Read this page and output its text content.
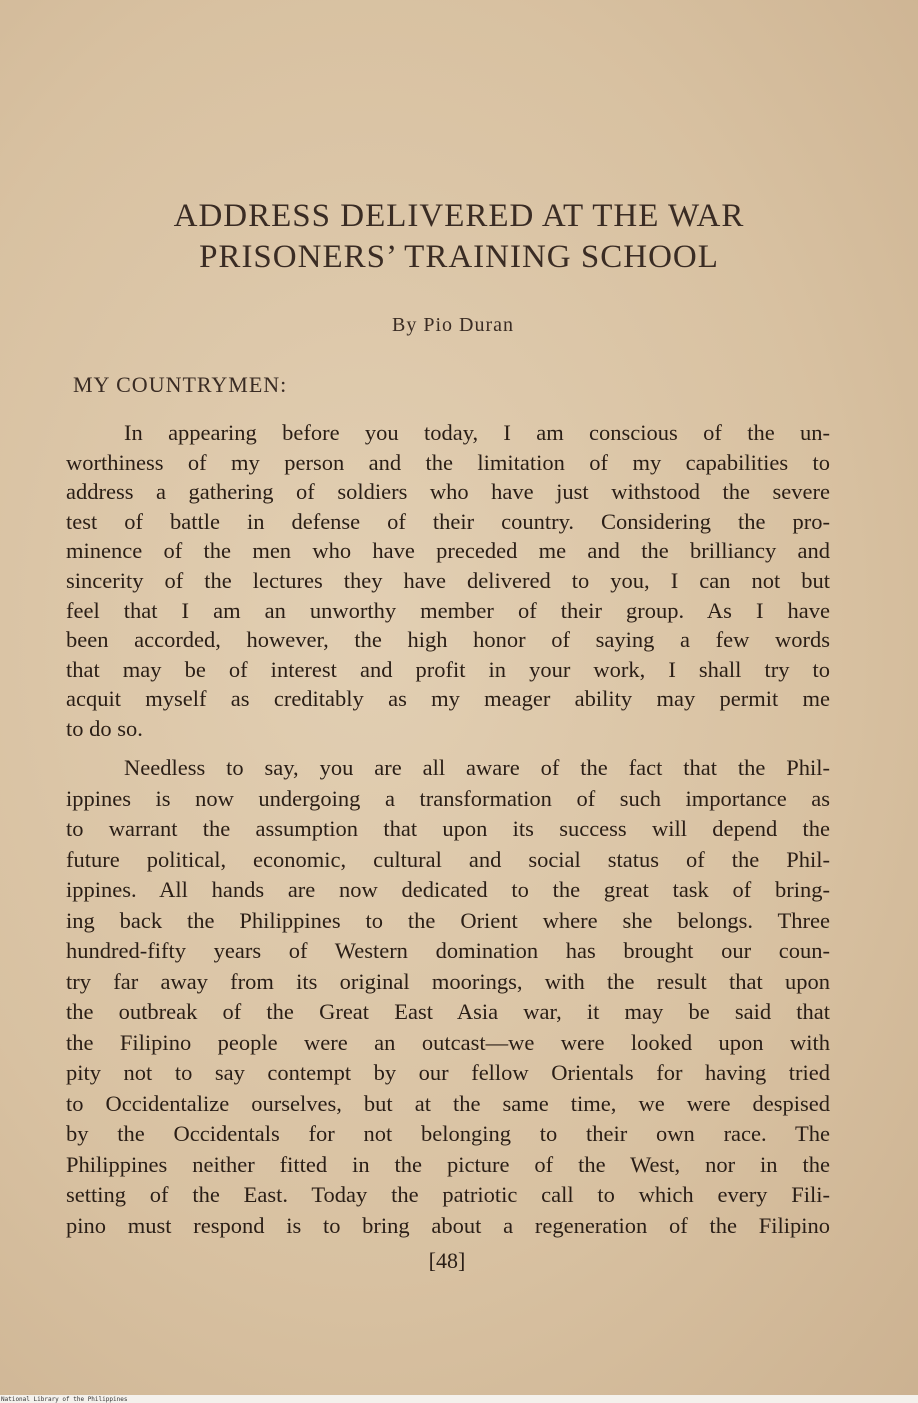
ADDRESS DELIVERED AT THE WAR
PRISONERS’ TRAINING SCHOOL
By Pio Duran
MY COUNTRYMEN:
In appearing before you today, I am conscious of the un-
worthiness of my person and the limitation of my capabilities to
address a gathering of soldiers who have just withstood the severe
test of battle in defense of their country. Considering the pro-
minence of the men who have preceded me and the brilliancy and
sincerity of the lectures they have delivered to you, I can not but
feel that I am an unworthy member of their group. As I have
been accorded, however, the high honor of saying a few words
that may be of interest and profit in your work, I shall try to
acquit myself as creditably as my meager ability may permit me
to do so.
Needless to say, you are all aware of the fact that the Phil-
ippines is now undergoing a transformation of such importance as
to warrant the assumption that upon its success will depend the
future political, economic, cultural and social status of the Phil-
ippines. All hands are now dedicated to the great task of bring-
ing back the Philippines to the Orient where she belongs. Three
hundred-fifty years of Western domination has brought our coun-
try far away from its original moorings, with the result that upon
the outbreak of the Great East Asia war, it may be said that
the Filipino people were an outcast—we were looked upon with
pity not to say contempt by our fellow Orientals for having tried
to Occidentalize ourselves, but at the same time, we were despised
by the Occidentals for not belonging to their own race. The
Philippines neither fitted in the picture of the West, nor in the
setting of the East. Today the patriotic call to which every Fili-
pino must respond is to bring about a regeneration of the Filipino
[48]
National Library of the Philippines
